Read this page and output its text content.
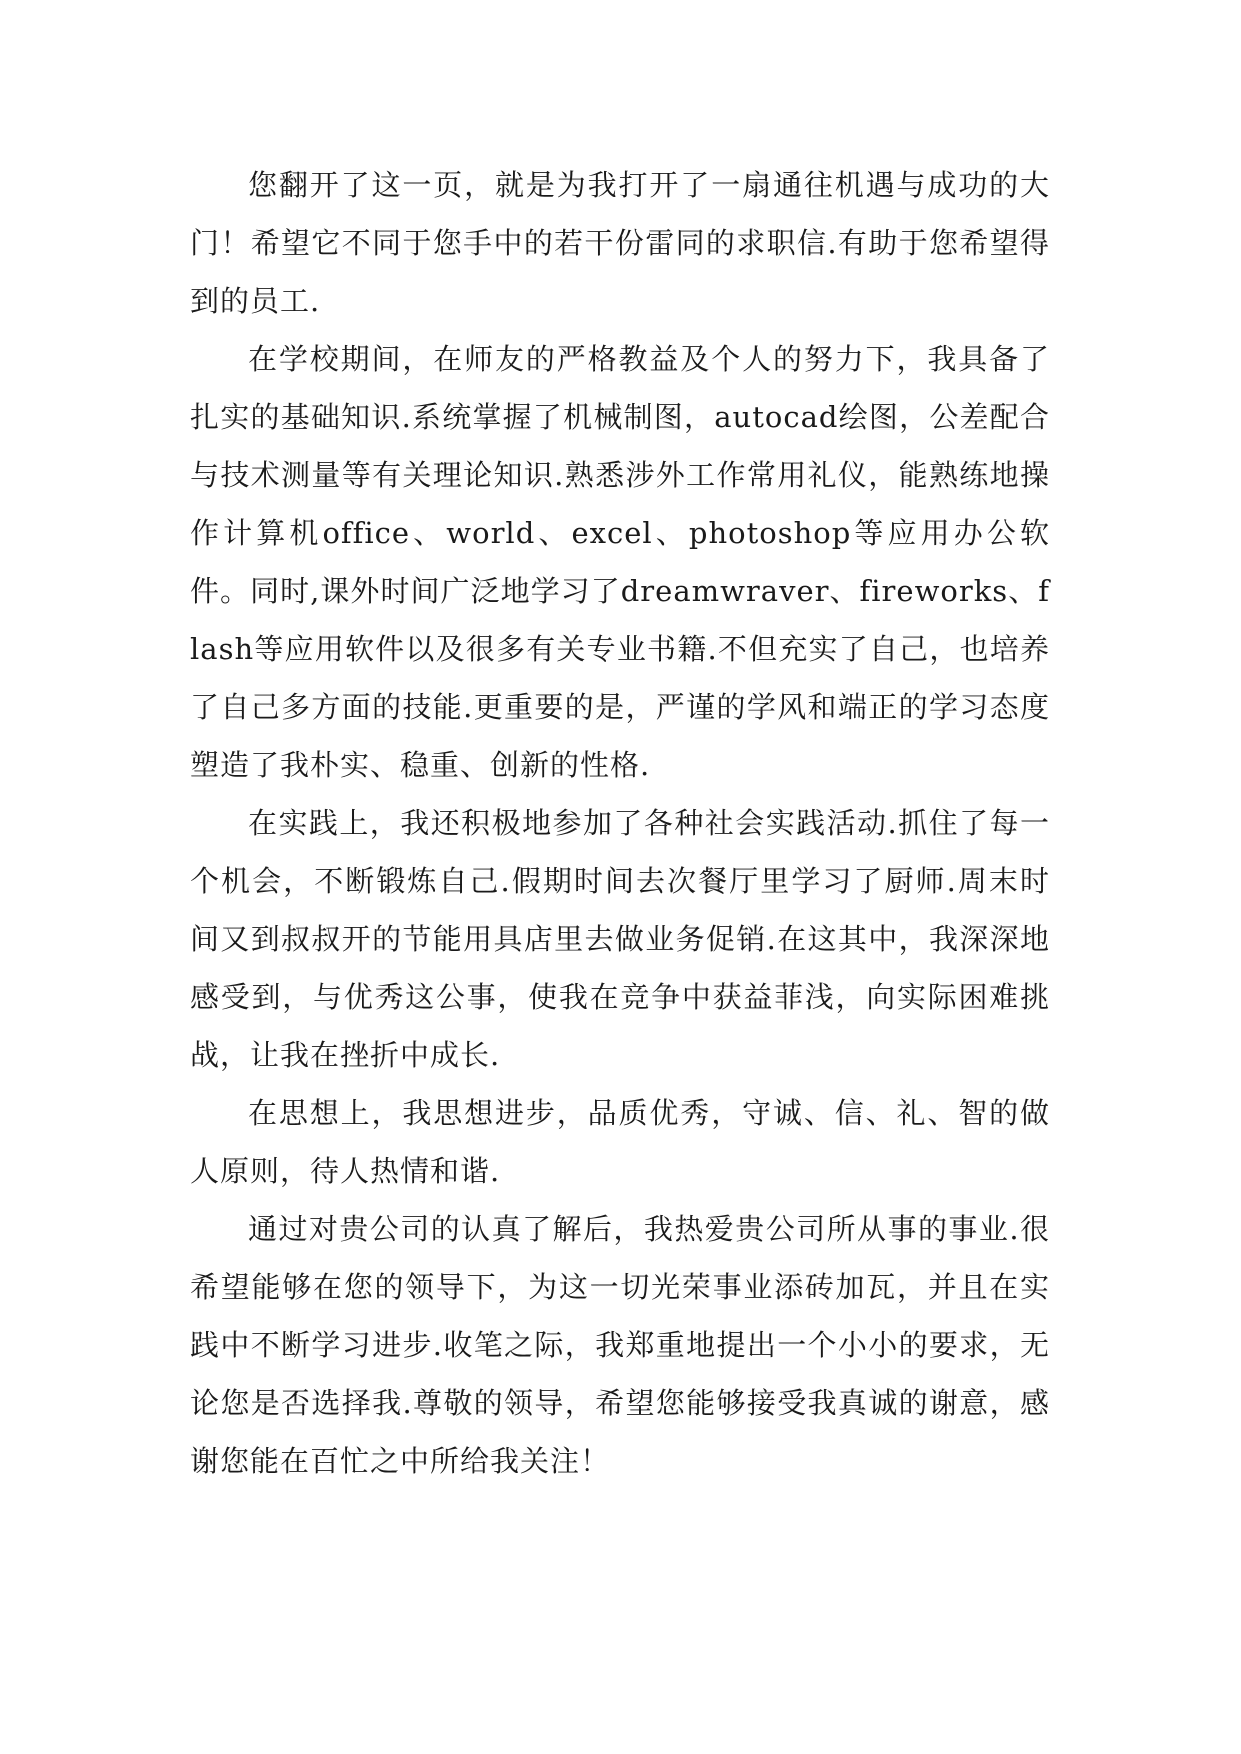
您翻开了这一页，就是为我打开了一扇通往机遇与成功的大门！希望它不同于您手中的若干份雷同的求职信.有助于您希望得到的员工.

在学校期间，在师友的严格教益及个人的努力下，我具备了扎实的基础知识.系统掌握了机械制图，autocad绘图，公差配合与技术测量等有关理论知识.熟悉涉外工作常用礼仪，能熟练地操作计算机office、world、excel、photoshop等应用办公软件。同时,课外时间广泛地学习了dreamwraver、fireworks、flash等应用软件以及很多有关专业书籍.不但充实了自己，也培养了自己多方面的技能.更重要的是，严谨的学风和端正的学习态度塑造了我朴实、稳重、创新的性格.

在实践上，我还积极地参加了各种社会实践活动.抓住了每一个机会，不断锻炼自己.假期时间去次餐厅里学习了厨师.周末时间又到叔叔开的节能用具店里去做业务促销.在这其中，我深深地感受到，与优秀这公事，使我在竞争中获益菲浅，向实际困难挑战，让我在挫折中成长.

在思想上，我思想进步，品质优秀，守诚、信、礼、智的做人原则，待人热情和谐.

通过对贵公司的认真了解后，我热爱贵公司所从事的事业.很希望能够在您的领导下，为这一切光荣事业添砖加瓦，并且在实践中不断学习进步.收笔之际，我郑重地提出一个小小的要求，无论您是否选择我.尊敬的领导，希望您能够接受我真诚的谢意，感谢您能在百忙之中所给我关注！
